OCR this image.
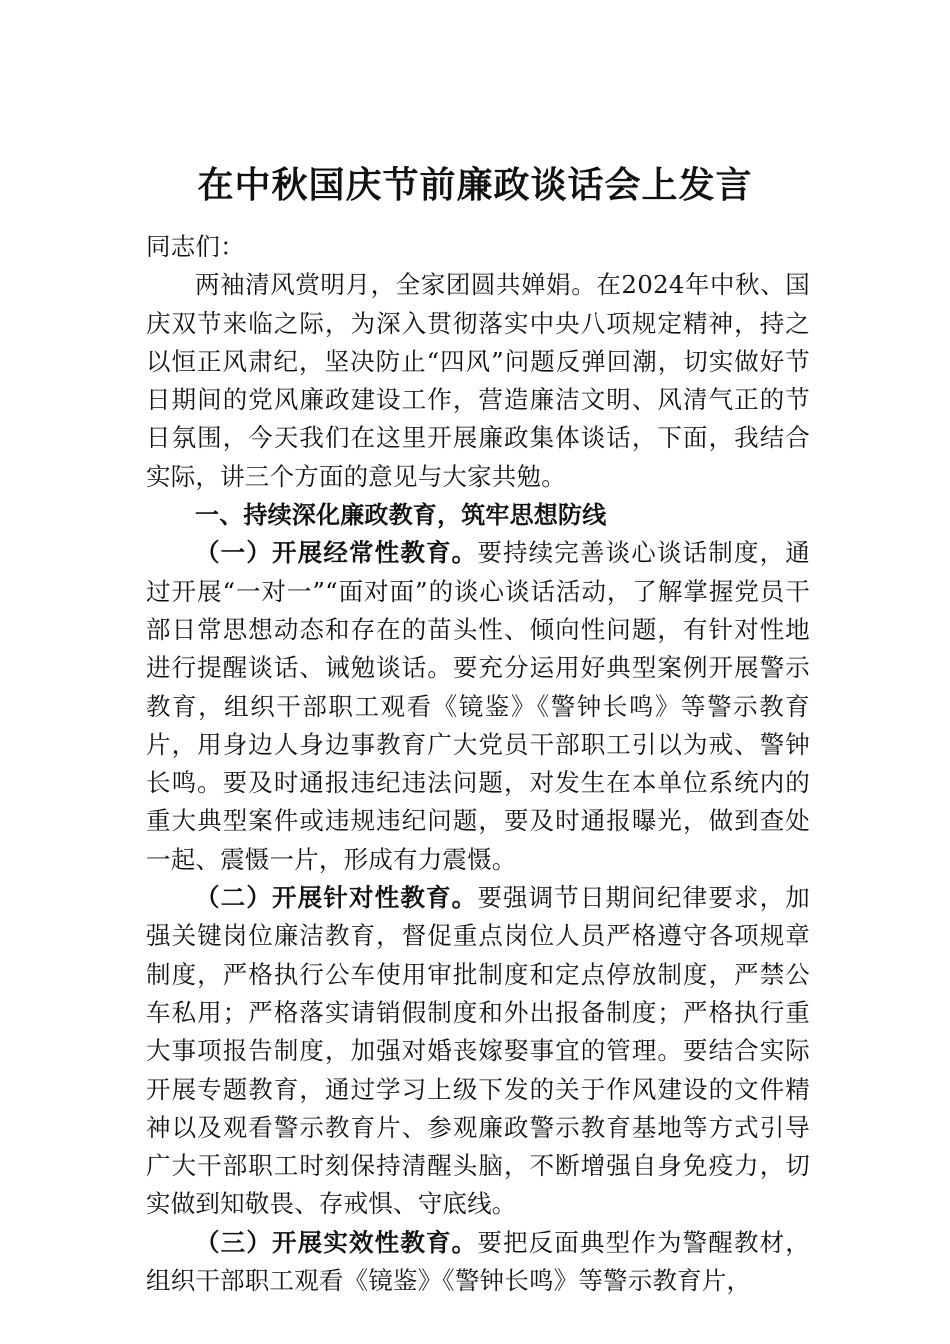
在中秋国庆节前廉政谈话会上发言

同志们：

两袖清风赏明月，全家团圆共婵娟。在2024年中秋、国庆双节来临之际，为深入贯彻落实中央八项规定精神，持之以恒正风肃纪，坚决防止“四风”问题反弹回潮，切实做好节日期间的党风廉政建设工作，营造廉洁文明、风清气正的节日氛围，今天我们在这里开展廉政集体谈话，下面，我结合实际，讲三个方面的意见与大家共勉。

一、持续深化廉政教育，筑牢思想防线

（一）开展经常性教育。要持续完善谈心谈话制度，通过开展“一对一”“面对面”的谈心谈话活动，了解掌握党员干部日常思想动态和存在的苗头性、倾向性问题，有针对性地进行提醒谈话、诫勉谈话。要充分运用好典型案例开展警示教育，组织干部职工观看《镜鉴》《警钟长鸣》等警示教育片，用身边人身边事教育广大党员干部职工引以为戒、警钟长鸣。要及时通报违纪违法问题，对发生在本单位系统内的重大典型案件或违规违纪问题，要及时通报曝光，做到查处一起、震慑一片，形成有力震慑。

（二）开展针对性教育。要强调节日期间纪律要求，加强关键岗位廉洁教育，督促重点岗位人员严格遵守各项规章制度，严格执行公车使用审批制度和定点停放制度，严禁公车私用；严格落实请销假制度和外出报备制度；严格执行重大事项报告制度，加强对婚丧嫁娶事宜的管理。要结合实际开展专题教育，通过学习上级下发的关于作风建设的文件精神以及观看警示教育片、参观廉政警示教育基地等方式引导广大干部职工时刻保持清醒头脑，不断增强自身免疫力，切实做到知敬畏、存戒惧、守底线。

（三）开展实效性教育。要把反面典型作为警醒教材，组织干部职工观看《镜鉴》《警钟长鸣》等警示教育片，
